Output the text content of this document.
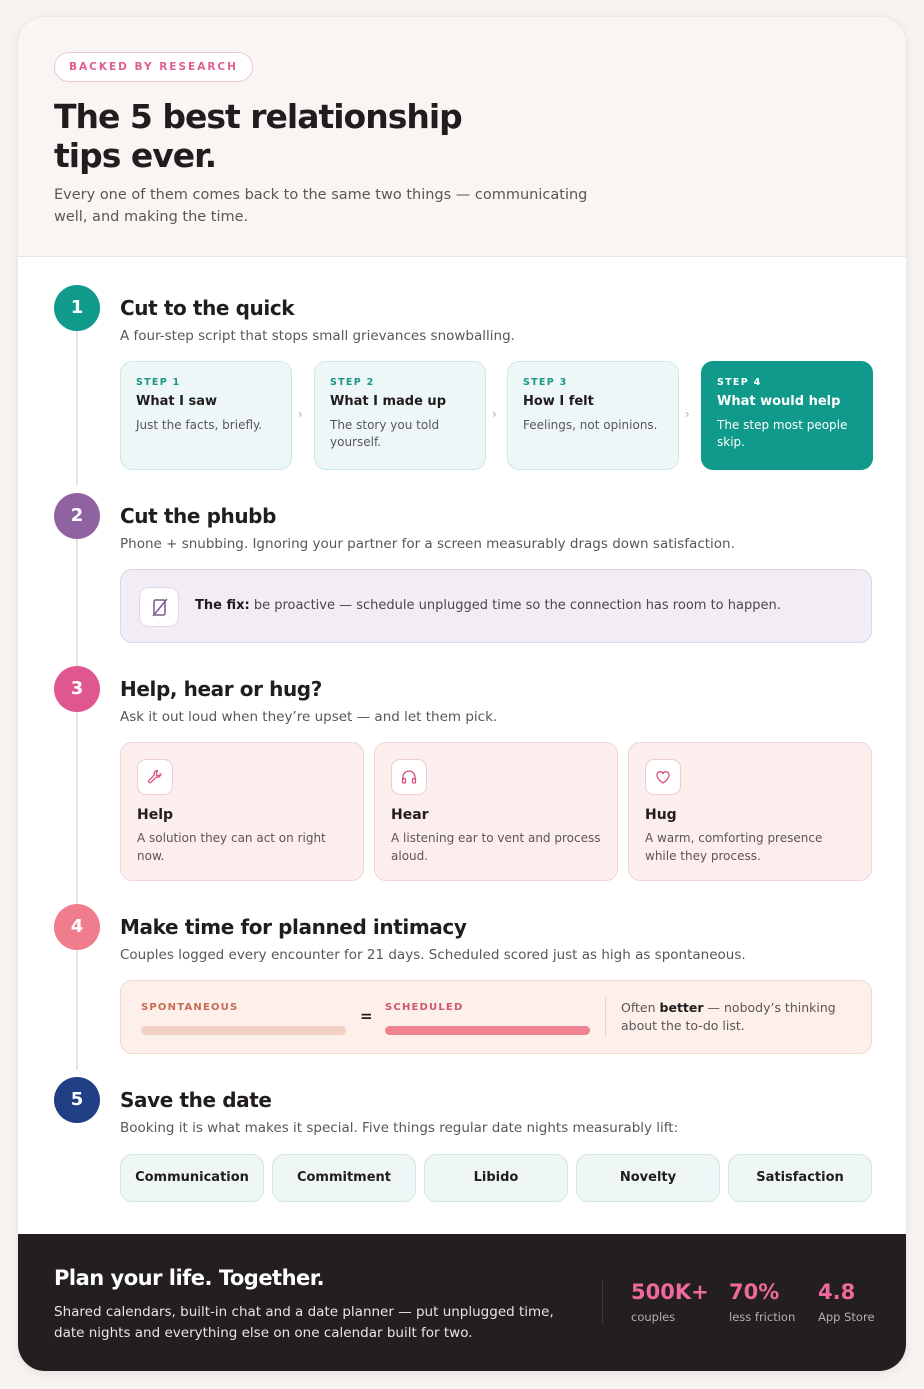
BACKED BY RESEARCH
The 5 best relationship
tips ever.
Every one of them comes back to the same two things — communicating well, and making the time.
1	Cut to the quick
A four-step script that stops small grievances snowballing.
STEP 1
What I saw
Just the facts, briefly.
›
STEP 2
What I made up
The story you told yourself.
›
STEP 3
How I felt
Feelings, not opinions.
›
STEP 4
What would help
The step most people skip.
2	Cut the phubb
Phone + snubbing. Ignoring your partner for a screen measurably drags down satisfaction.
The fix: be proactive — schedule unplugged time so the connection has room to happen.
3	Help, hear or hug?
Ask it out loud when they’re upset — and let them pick.
Help
A solution they can act on right now.
Hear
A listening ear to vent and process aloud.
Hug
A warm, comforting presence while they process.
4	Make time for planned intimacy
Couples logged every encounter for 21 days. Scheduled scored just as high as spontaneous.
SPONTANEOUS	= SCHEDULED	Often better — nobody’s thinking about the to-do list.
5	Save the date
Booking it is what makes it special. Five things regular date nights measurably lift:
Communication	Commitment	Libido	Novelty	Satisfaction
Plan your life. Together.
Shared calendars, built-in chat and a date planner — put unplugged time, date nights and everything else on one calendar built for two.
500K+
couples
70%
less friction
4.8
App Store
